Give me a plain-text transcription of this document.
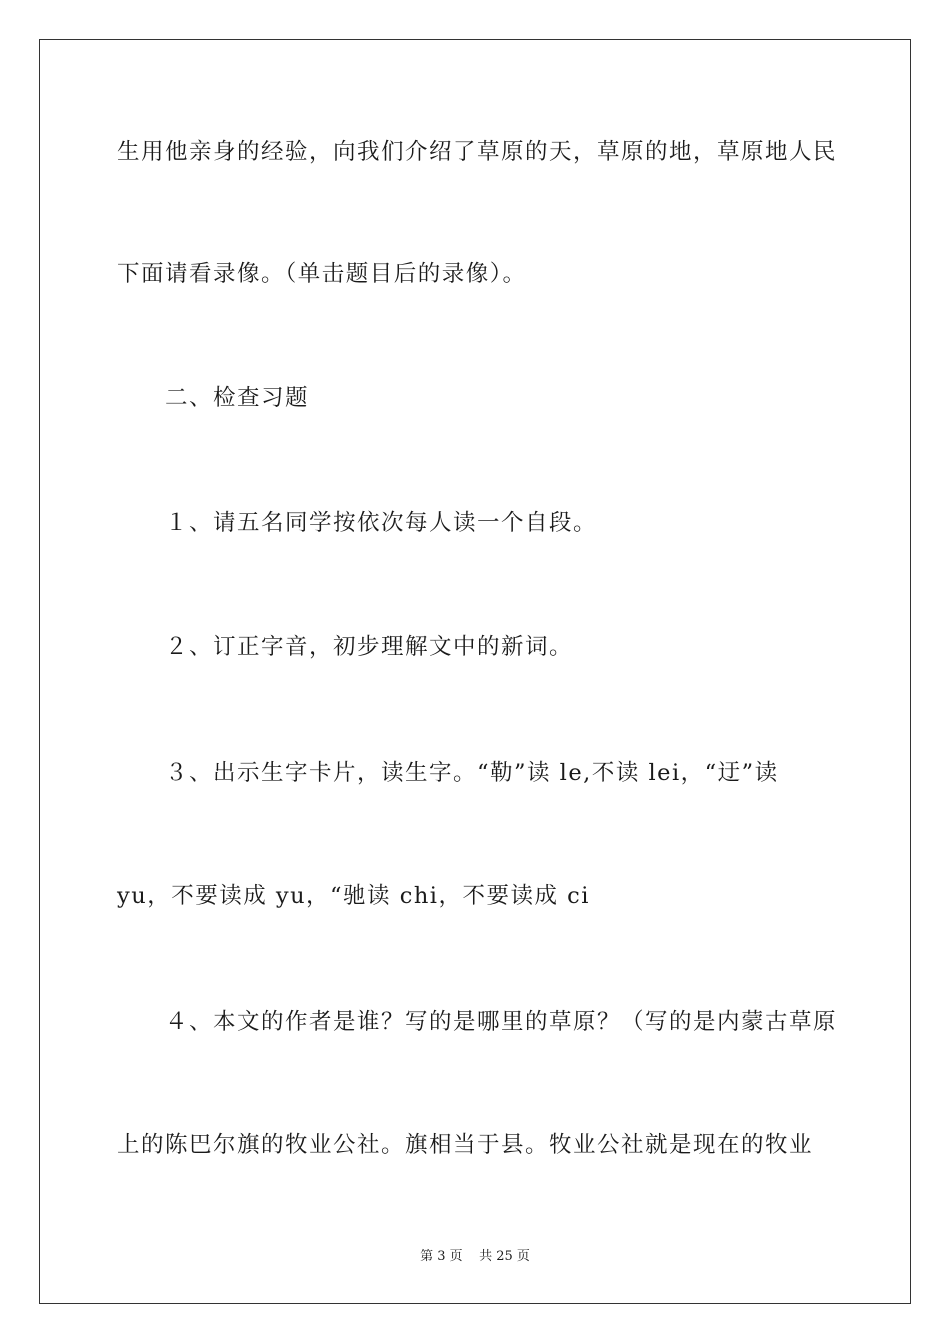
生用他亲身的经验，向我们介绍了草原的天，草原的地，草原地人民
下面请看录像。（单击题目后的录像）。
二、检查习题
１、请五名同学按依次每人读一个自段。
２、订正字音，初步理解文中的新词。
３、出示生字卡片，读生字。“勒”读 le,不读 lei，“迂”读
yu，不要读成 yu，“驰读 chi，不要读成 ci
４、本文的作者是谁？写的是哪里的草原？（写的是内蒙古草原
上的陈巴尔旗的牧业公社。旗相当于县。牧业公社就是现在的牧业
第 3 页    共 25 页
